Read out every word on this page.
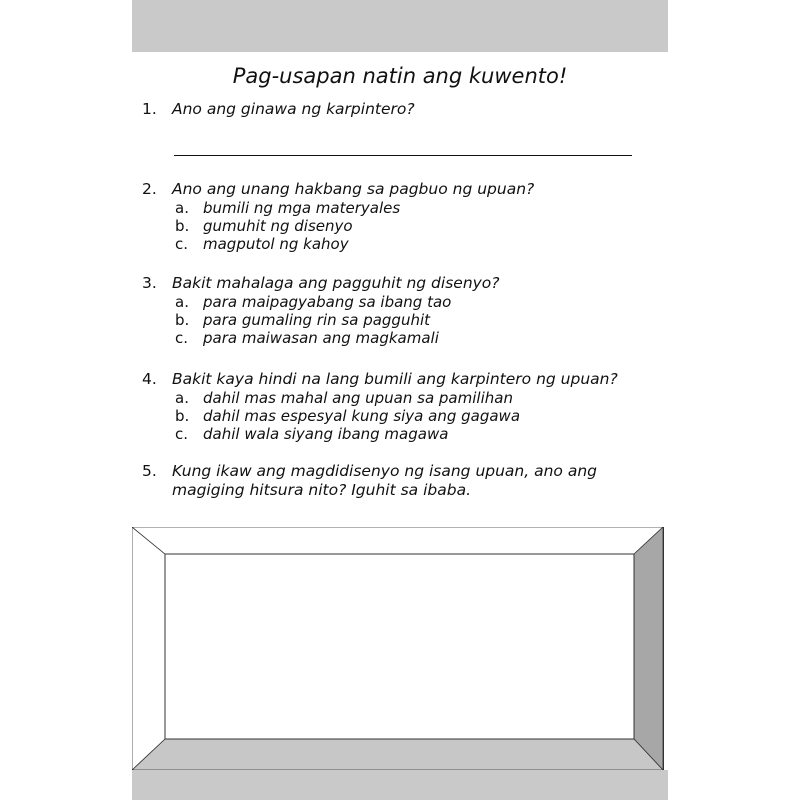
Pag-usapan natin ang kuwento!
1. Ano ang ginawa ng karpintero?
2. Ano ang unang hakbang sa pagbuo ng upuan?
a. bumili ng mga materyales
b. gumuhit ng disenyo
c. magputol ng kahoy
3. Bakit mahalaga ang pagguhit ng disenyo?
a. para maipagyabang sa ibang tao
b. para gumaling rin sa pagguhit
c. para maiwasan ang magkamali
4. Bakit kaya hindi na lang bumili ang karpintero ng upuan?
a. dahil mas mahal ang upuan sa pamilihan
b. dahil mas espesyal kung siya ang gagawa
c. dahil wala siyang ibang magawa
5. Kung ikaw ang magdidisenyo ng isang upuan, ano ang
magiging hitsura nito? Iguhit sa ibaba.
